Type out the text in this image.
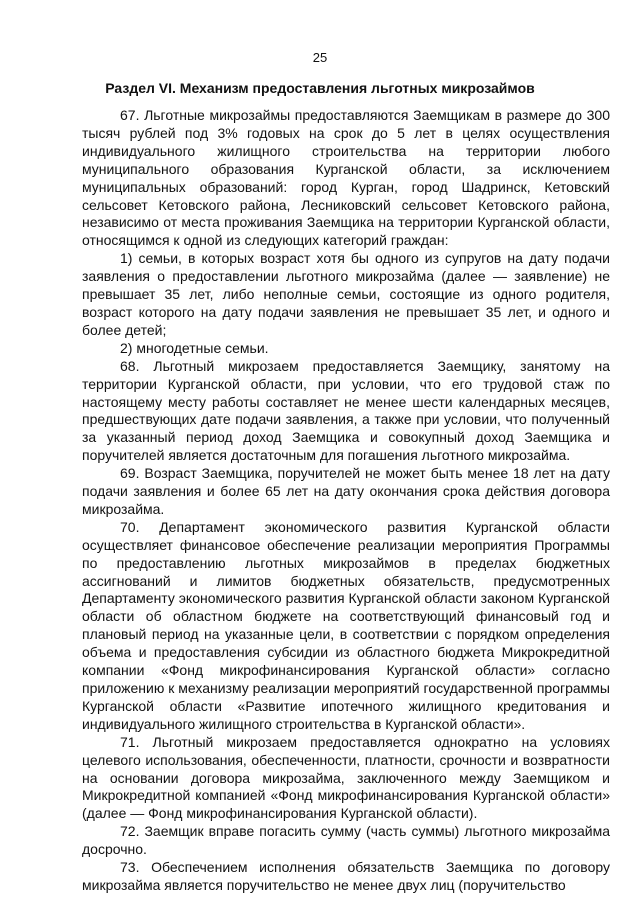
25
Раздел VI. Механизм предоставления льготных микрозаймов

67. Льготные микрозаймы предоставляются Заемщикам в размере до 300 тысяч рублей под 3% годовых на срок до 5 лет в целях осуществления индивидуального жилищного строительства на территории любого муниципального образования Курганской области, за исключением муниципальных образований: город Курган, город Шадринск, Кетовский сельсовет Кетовского района, Лесниковский сельсовет Кетовского района, независимо от места проживания Заемщика на территории Курганской области, относящимся к одной из следующих категорий граждан:

1) семьи, в которых возраст хотя бы одного из супругов на дату подачи заявления о предоставлении льготного микрозайма (далее — заявление) не превышает 35 лет, либо неполные семьи, состоящие из одного родителя, возраст которого на дату подачи заявления не превышает 35 лет, и одного и более детей;

2) многодетные семьи.

68. Льготный микрозаем предоставляется Заемщику, занятому на территории Курганской области, при условии, что его трудовой стаж по настоящему месту работы составляет не менее шести календарных месяцев, предшествующих дате подачи заявления, а также при условии, что полученный за указанный период доход Заемщика и совокупный доход Заемщика и поручителей является достаточным для погашения льготного микрозайма.

69. Возраст Заемщика, поручителей не может быть менее 18 лет на дату подачи заявления и более 65 лет на дату окончания срока действия договора микрозайма.

70. Департамент экономического развития Курганской области осуществляет финансовое обеспечение реализации мероприятия Программы по предоставлению льготных микрозаймов в пределах бюджетных ассигнований и лимитов бюджетных обязательств, предусмотренных Департаменту экономического развития Курганской области законом Курганской области об областном бюджете на соответствующий финансовый год и плановый период на указанные цели, в соответствии с порядком определения объема и предоставления субсидии из областного бюджета Микрокредитной компании «Фонд микрофинансирования Курганской области» согласно приложению к механизму реализации мероприятий государственной программы Курганской области «Развитие ипотечного жилищного кредитования и индивидуального жилищного строительства в Курганской области».

71. Льготный микрозаем предоставляется однократно на условиях целевого использования, обеспеченности, платности, срочности и возвратности на основании договора микрозайма, заключенного между Заемщиком и Микрокредитной компанией «Фонд микрофинансирования Курганской области» (далее — Фонд микрофинансирования Курганской области).

72. Заемщик вправе погасить сумму (часть суммы) льготного микрозайма досрочно.

73. Обеспечением исполнения обязательств Заемщика по договору микрозайма является поручительство не менее двух лиц (поручительство
